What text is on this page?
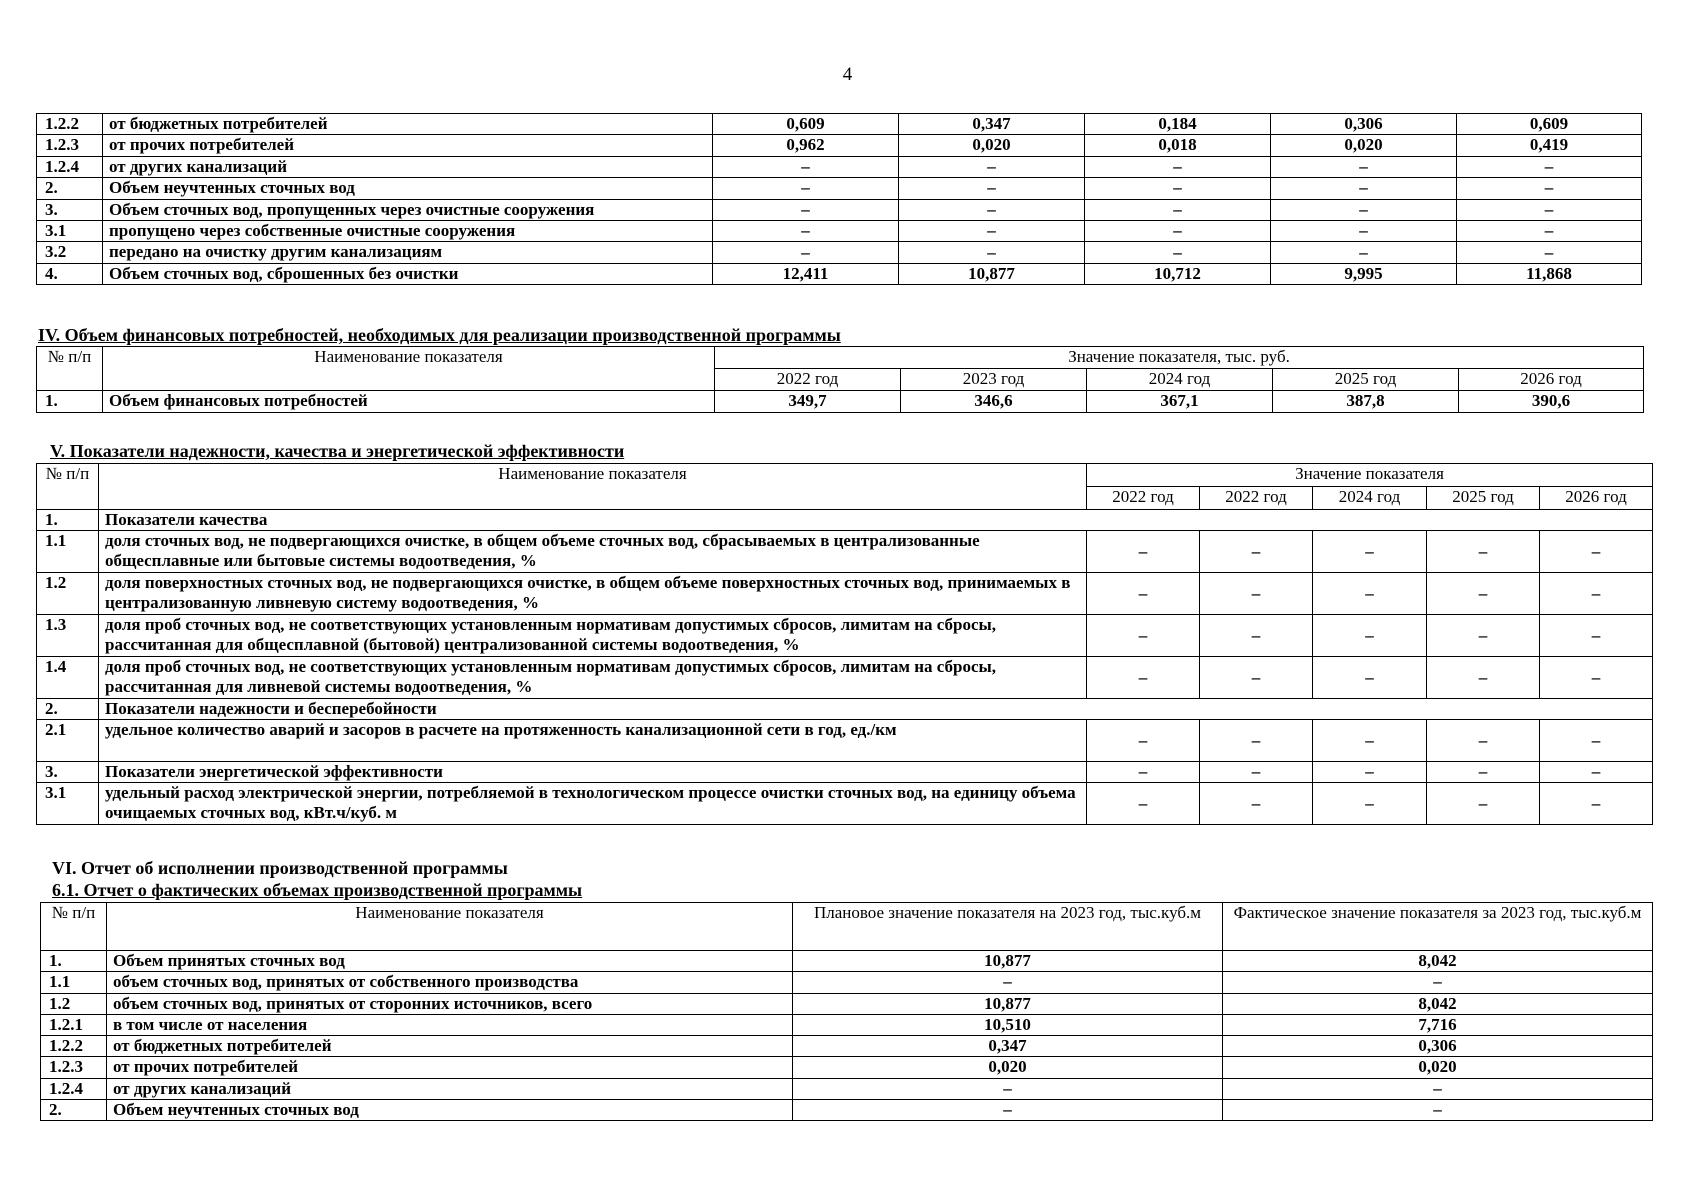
4
1.2.2	от бюджетных потребителей	0,609	0,347	0,184	0,306	0,609
1.2.3	от прочих потребителей	0,962	0,020	0,018	0,020	0,419
1.2.4	от других канализаций	–	–	–	–	–
2.	Объем неучтенных сточных вод	–	–	–	–	–
3.	Объем сточных вод, пропущенных через очистные сооружения	–	–	–	–	–
3.1	пропущено через собственные очистные сооружения	–	–	–	–	–
3.2	передано на очистку другим канализациям	–	–	–	–	–
4.	Объем сточных вод, сброшенных без очистки	12,411	10,877	10,712	9,995	11,868
IV. Объем финансовых потребностей, необходимых для реализации производственной программы
№ п/п	Наименование показателя	Значение показателя, тыс. руб.				
		2022 год	2023 год	2024 год	2025 год	2026 год
1.	Объем финансовых потребностей	349,7	346,6	367,1	387,8	390,6
V. Показатели надежности, качества и энергетической эффективности
№ п/п	Наименование показателя	Значение показателя				
		2022 год	2022 год	2024 год	2025 год	2026 год
1.	Показатели качества					
1.1	доля сточных вод, не подвергающихся очистке, в общем объеме сточных вод, сбрасываемых в централизованные общесплавные или бытовые системы водоотведения, %	–	–	–	–	–
1.2	доля поверхностных сточных вод, не подвергающихся очистке, в общем объеме поверхностных сточных вод, принимаемых в централизованную ливневую систему водоотведения, %	–	–	–	–	–
1.3	доля проб сточных вод, не соответствующих установленным нормативам допустимых сбросов, лимитам на сбросы, рассчитанная для общесплавной (бытовой) централизованной системы водоотведения, %	–	–	–	–	–
1.4	доля проб сточных вод, не соответствующих установленным нормативам допустимых сбросов, лимитам на сбросы, рассчитанная для ливневой системы водоотведения, %	–	–	–	–	–
2.	Показатели надежности и бесперебойности					
2.1	удельное количество аварий и засоров в расчете на протяженность канализационной сети в год, ед./км	–	–	–	–	–
3.	Показатели энергетической эффективности	–	–	–	–	–
3.1	удельный расход электрической энергии, потребляемой в технологическом процессе очистки сточных вод, на единицу объема очищаемых сточных вод, кВт.ч/куб. м	–	–	–	–	–
VI. Отчет об исполнении производственной программы
6.1. Отчет о фактических объемах производственной программы
№ п/п	Наименование показателя	Плановое значение показателя на 2023 год, тыс.куб.м	Фактическое значение показателя за 2023 год, тыс.куб.м
1.	Объем принятых сточных вод	10,877	8,042
1.1	объем сточных вод, принятых от собственного производства	–	–
1.2	объем сточных вод, принятых от сторонних источников, всего	10,877	8,042
1.2.1	в том числе от населения	10,510	7,716
1.2.2	от бюджетных потребителей	0,347	0,306
1.2.3	от прочих потребителей	0,020	0,020
1.2.4	от других канализаций	–	–
2.	Объем неучтенных сточных вод	–	–
